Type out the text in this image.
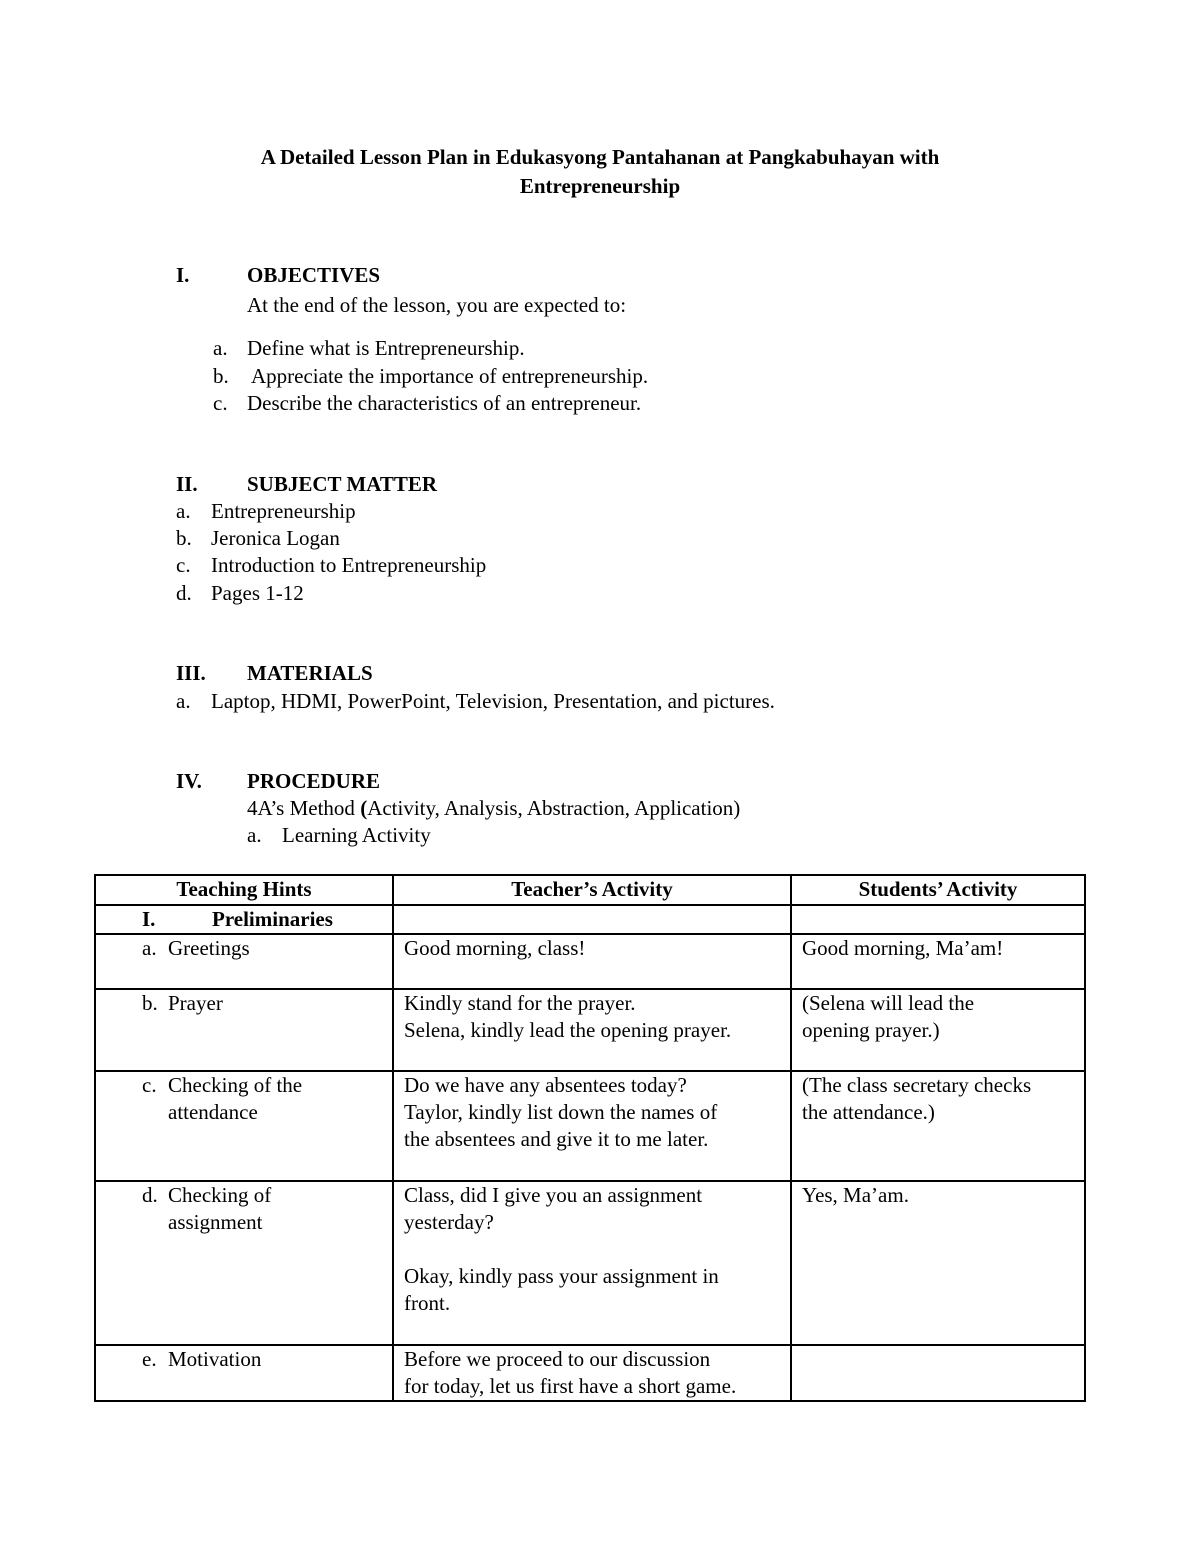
A Detailed Lesson Plan in Edukasyong Pantahanan at Pangkabuhayan with
Entrepreneurship
I.	OBJECTIVES
At the end of the lesson, you are expected to:
a. Define what is Entrepreneurship.
b. Appreciate the importance of entrepreneurship.
c. Describe the characteristics of an entrepreneur.
II. SUBJECT MATTER
a. Entrepreneurship
b. Jeronica Logan
c. Introduction to Entrepreneurship
d. Pages 1-12
III. MATERIALS
a. Laptop, HDMI, PowerPoint, Television, Presentation, and pictures.
IV. PROCEDURE
4A’s Method (Activity, Analysis, Abstraction, Application)
a. Learning Activity
Teaching Hints	Teacher’s Activity	Students’ Activity

I. Preliminaries		

a. Greetings	Good morning, class!	Good morning, Ma’am!

b. Prayer	Kindly stand for the prayer.
Selena, kindly lead the opening prayer.	(Selena will lead the
opening prayer.)

c. Checking of the
attendance	Do we have any absentees today?
Taylor, kindly list down the names of
the absentees and give it to me later.	(The class secretary checks
the attendance.)

d. Checking of
assignment	Class, did I give you an assignment
yesterday?
Okay, kindly pass your assignment in
front.	Yes, Ma’am.

e. Motivation	Before we proceed to our discussion
for today, let us first have a short game.	
